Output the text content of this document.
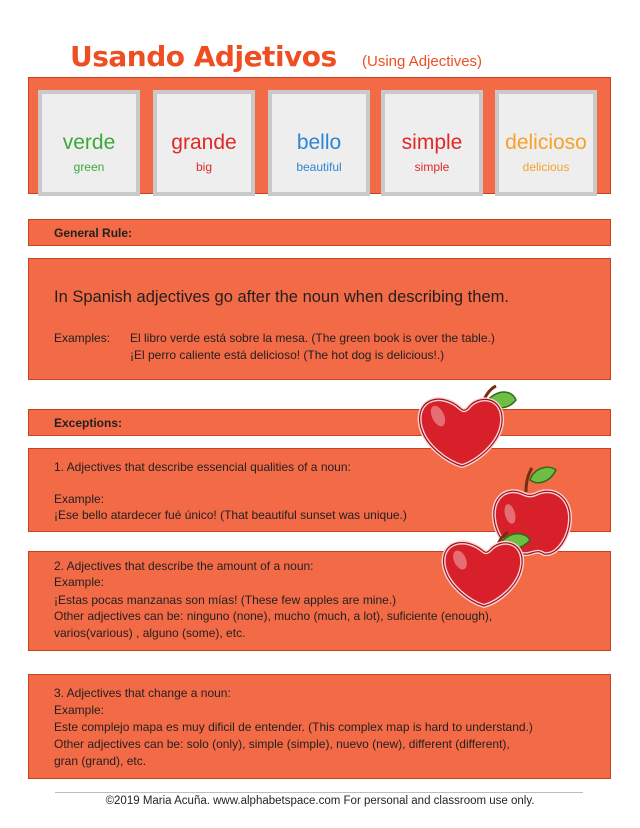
Usando Adjetivos (Using Adjectives)
verde
green
grande
big
bello
beautiful
simple
simple
delicioso
delicious
General Rule:
In Spanish adjectives go after the noun when describing them.
Examples: El libro verde está sobre la mesa. (The green book is over the table.)
¡El perro caliente está delicioso! (The hot dog is delicious!.)
Exceptions:
1. Adjectives that describe essencial qualities of a noun:
Example:
¡Ese bello atardecer fué único! (That beautiful sunset was unique.)
2. Adjectives that describe the amount of a noun:
Example:
¡Estas pocas manzanas son mías! (These few apples are mine.)
Other adjectives can be: ninguno (none), mucho (much, a lot), suficiente (enough),
varios(various) , alguno (some), etc.
3. Adjectives that change a noun:
Example:
Este complejo mapa es muy dificil de entender. (This complex map is hard to understand.)
Other adjectives can be: solo (only), simple (simple), nuevo (new), different (different),
gran (grand), etc.
©2019 Maria Acuña. www.alphabetspace.com For personal and classroom use only.
